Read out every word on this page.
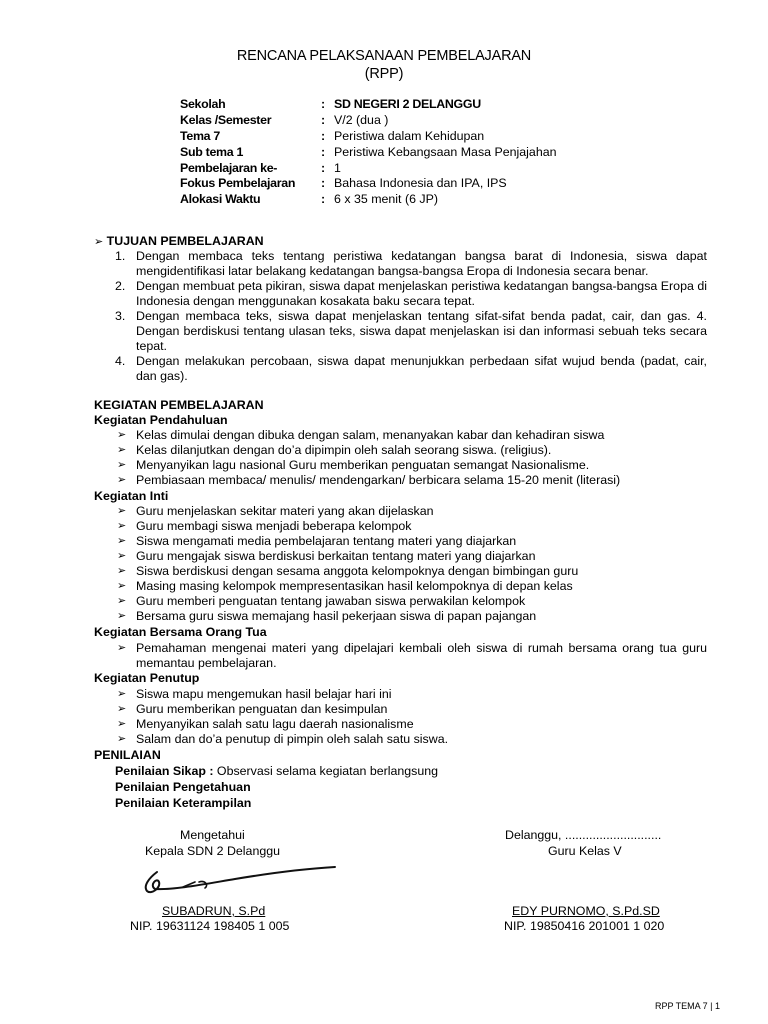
RENCANA PELAKSANAAN PEMBELAJARAN
(RPP)
Sekolah	: SD NEGERI 2 DELANGGU
Kelas /Semester	: V/2 (dua )
Tema 7	: Peristiwa dalam Kehidupan
Sub tema 1	: Peristiwa Kebangsaan Masa Penjajahan
Pembelajaran ke-	: 1
Fokus Pembelajaran : Bahasa Indonesia dan IPA, IPS
Alokasi Waktu	: 6 x 35 menit (6 JP)
➢ TUJUAN PEMBELAJARAN
1. Dengan membaca teks tentang peristiwa kedatangan bangsa barat di Indonesia, siswa dapat mengidentifikasi latar belakang kedatangan bangsa-bangsa Eropa di Indonesia secara benar.
2. Dengan membuat peta pikiran, siswa dapat menjelaskan peristiwa kedatangan bangsa-bangsa Eropa di Indonesia dengan menggunakan kosakata baku secara tepat.
3. Dengan membaca teks, siswa dapat menjelaskan tentang sifat-sifat benda padat, cair, dan gas. 4. Dengan berdiskusi tentang ulasan teks, siswa dapat menjelaskan isi dan informasi sebuah teks secara tepat.
4. Dengan melakukan percobaan, siswa dapat menunjukkan perbedaan sifat wujud benda (padat, cair, dan gas).
KEGIATAN PEMBELAJARAN
Kegiatan Pendahuluan
➢ Kelas dimulai dengan dibuka dengan salam, menanyakan kabar dan kehadiran siswa
➢ Kelas dilanjutkan dengan do’a dipimpin oleh salah seorang siswa. (religius).
➢ Menyanyikan lagu nasional Guru memberikan penguatan semangat Nasionalisme.
➢ Pembiasaan membaca/ menulis/ mendengarkan/ berbicara selama 15-20 menit (literasi)
Kegiatan Inti
➢ Guru menjelaskan sekitar materi yang akan dijelaskan
➢ Guru membagi siswa menjadi beberapa kelompok
➢ Siswa mengamati media pembelajaran tentang materi yang diajarkan
➢ Guru mengajak siswa berdiskusi berkaitan tentang materi yang diajarkan
➢ Siswa berdiskusi dengan sesama anggota kelompoknya dengan bimbingan guru
➢ Masing masing kelompok mempresentasikan hasil kelompoknya di depan kelas
➢ Guru memberi penguatan tentang jawaban siswa perwakilan kelompok
➢ Bersama guru siswa memajang hasil pekerjaan siswa di papan pajangan
Kegiatan Bersama Orang Tua
➢ Pemahaman mengenai materi yang dipelajari kembali oleh siswa di rumah bersama orang tua guru memantau pembelajaran.
Kegiatan Penutup
➢ Siswa mapu mengemukan hasil belajar hari ini
➢ Guru memberikan penguatan dan kesimpulan
➢ Menyanyikan salah satu lagu daerah nasionalisme
➢ Salam dan do’a penutup di pimpin oleh salah satu siswa.
PENILAIAN
Penilaian Sikap : Observasi selama kegiatan berlangsung
Penilaian Pengetahuan
Penilaian Keterampilan
Mengetahui
Kepala SDN 2 Delanggu
SUBADRUN, S.Pd
NIP. 19631124 198405 1 005
Delanggu, ............................
Guru Kelas V
EDY PURNOMO, S.Pd.SD
NIP. 19850416 201001 1 020
RPP TEMA 7 | 1
